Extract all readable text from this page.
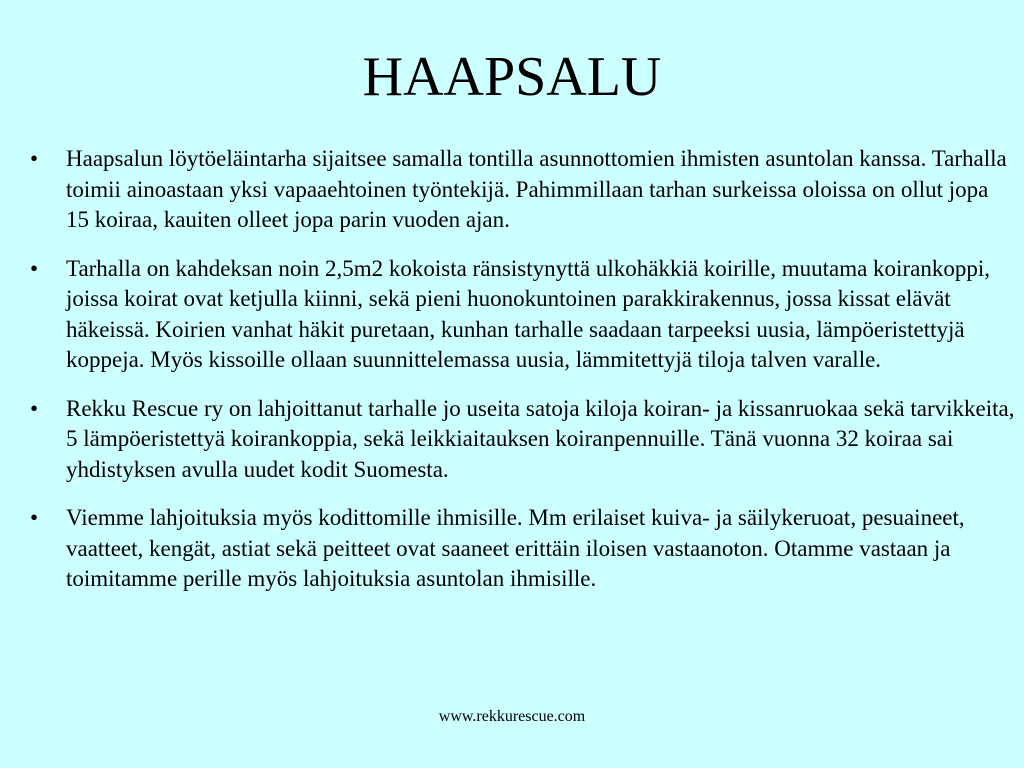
HAAPSALU
•	Haapsalun löytöeläintarha sijaitsee samalla tontilla asunnottomien ihmisten asuntolan kanssa. Tarhalla toimii ainoastaan yksi vapaaehtoinen työntekijä. Pahimmillaan tarhan surkeissa oloissa on ollut jopa 15 koiraa, kauiten olleet jopa parin vuoden ajan.
•	Tarhalla on kahdeksan noin 2,5m2 kokoista ränsistynyttä ulkohäkkiä koirille, muutama koirankoppi, joissa koirat ovat ketjulla kiinni, sekä pieni huonokuntoinen parakkirakennus, jossa kissat elävät häkeissä. Koirien vanhat häkit puretaan, kunhan tarhalle saadaan tarpeeksi uusia, lämpöeristettyjä koppeja. Myös kissoille ollaan suunnittelemassa uusia, lämmitettyjä tiloja talven varalle.
•	Rekku Rescue ry on lahjoittanut tarhalle jo useita satoja kiloja koiran- ja kissanruokaa sekä tarvikkeita, 5 lämpöeristettyä koirankoppia, sekä leikkiaitauksen koiranpennuille. Tänä vuonna 32 koiraa sai yhdistyksen avulla uudet kodit Suomesta.
•	Viemme lahjoituksia myös kodittomille ihmisille. Mm erilaiset kuiva- ja säilykeruoat, pesuaineet, vaatteet, kengät, astiat sekä peitteet ovat saaneet erittäin iloisen vastaanoton. Otamme vastaan ja toimitamme perille myös lahjoituksia asuntolan ihmisille.
www.rekkurescue.com
